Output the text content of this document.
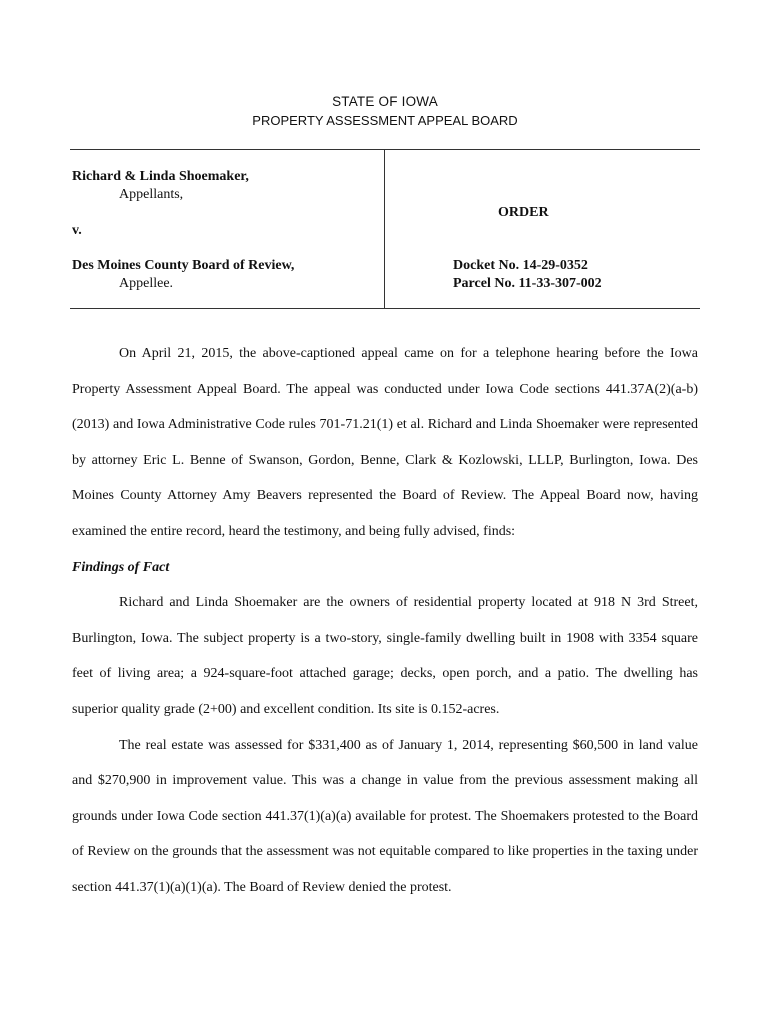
STATE OF IOWA
PROPERTY ASSESSMENT APPEAL BOARD
Richard & Linda Shoemaker,
Appellants,
v.
Des Moines County Board of Review,
Appellee.
ORDER
Docket No. 14-29-0352
Parcel No. 11-33-307-002

On April 21, 2015, the above-captioned appeal came on for a telephone hearing before the Iowa Property Assessment Appeal Board. The appeal was conducted under Iowa Code sections 441.37A(2)(a-b) (2013) and Iowa Administrative Code rules 701-71.21(1) et al. Richard and Linda Shoemaker were represented by attorney Eric L. Benne of Swanson, Gordon, Benne, Clark & Kozlowski, LLLP, Burlington, Iowa. Des Moines County Attorney Amy Beavers represented the Board of Review. The Appeal Board now, having examined the entire record, heard the testimony, and being fully advised, finds:

Findings of Fact

Richard and Linda Shoemaker are the owners of residential property located at 918 N 3rd Street, Burlington, Iowa. The subject property is a two-story, single-family dwelling built in 1908 with 3354 square feet of living area; a 924-square-foot attached garage; decks, open porch, and a patio. The dwelling has superior quality grade (2+00) and excellent condition. Its site is 0.152-acres.

The real estate was assessed for $331,400 as of January 1, 2014, representing $60,500 in land value and $270,900 in improvement value. This was a change in value from the previous assessment making all grounds under Iowa Code section 441.37(1)(a)(a) available for protest. The Shoemakers protested to the Board of Review on the grounds that the assessment was not equitable compared to like properties in the taxing under section 441.37(1)(a)(1)(a). The Board of Review denied the protest.
